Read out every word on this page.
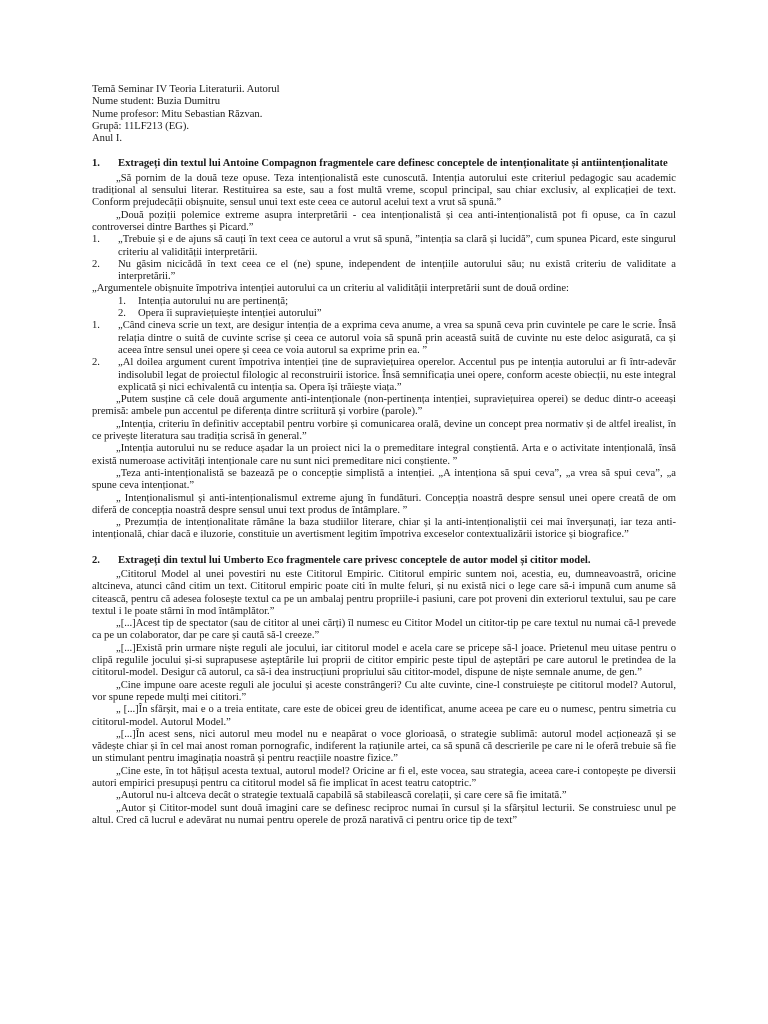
Temă Seminar IV Teoria Literaturii. Autorul
Nume student: Buzia Dumitru
Nume profesor: Mitu Sebastian Răzvan.
Grupă: 11LF213 (EG).
Anul I.
1.	Extrageți din textul lui Antoine Compagnon fragmentele care definesc conceptele de intenționalitate și antiintenționalitate

„Să pornim de la două teze opuse. Teza intenționalistă este cunoscută. Intenția autorului este criteriul pedagogic sau academic tradițional al sensului literar. Restituirea sa este, sau a fost multă vreme, scopul principal, sau chiar exclusiv, al explicației de text. Conform prejudecății obișnuite, sensul unui text este ceea ce autorul acelui text a vrut să spună.”

„Două poziții polemice extreme asupra interpretării - cea intenționalistă și cea anti-intenționalistă pot fi opuse, ca în cazul controversei dintre Barthes și Picard.”

1.	„Trebuie și e de ajuns să cauți în text ceea ce autorul a vrut să spună, ”intenția sa clară și lucidă”, cum spunea Picard, este singurul criteriu al validității interpretării.
2.	Nu găsim nicicădă în text ceea ce el (ne) spune, independent de intențiile autorului său; nu există criteriu de validitate a interpretării.”

„Argumentele obișnuite împotriva intenției autorului ca un criteriu al validității interpretării sunt de două ordine:

1.	Intenția autorului nu are pertinență;
2.	Opera îi supraviețuiește intenției autorului”
1.	„Când cineva scrie un text, are desigur intenția de a exprima ceva anume, a vrea sa spună ceva prin cuvintele pe care le scrie. Însă relația dintre o suită de cuvinte scrise și ceea ce autorul voia să spună prin această suită de cuvinte nu este deloc asigurată, ca și aceea între sensul unei opere și ceea ce voia autorul sa exprime prin ea. ”
2.	„Al doilea argument curent împotriva intenției ține de supraviețuirea operelor. Accentul pus pe intenția autorului ar fi într-adevăr indisolubil legat de proiectul filologic al reconstruirii istorice. Însă semnificația unei opere, conform aceste obiecții, nu este integral explicată și nici echivalentă cu intenția sa. Opera își trăiește viața.”

„Putem susține că cele două argumente anti-intenționale (non-pertinența intenției, supraviețuirea operei) se deduc dintr-o aceeași premisă: ambele pun accentul pe diferența dintre scriitură și vorbire (parole).”

„Intenția, criteriu în definitiv acceptabil pentru vorbire și comunicarea orală, devine un concept prea normativ și de altfel irealist, în ce privește literatura sau tradiția scrisă în general.”

„Intenția autorului nu se reduce așadar la un proiect nici la o premeditare integral conștientă. Arta e o activitate intențională, însă există numeroase activități intenționale care nu sunt nici premeditare nici conștiente. ”

„Teza anti-intenționalistă se bazează pe o concepție simplistă a intenției. „A intenționa să spui ceva”, „a vrea să spui ceva”, „a spune ceva intenționat.”

„ Intenționalismul și anti-intenționalismul extreme ajung în fundături. Concepția noastră despre sensul unei opere creată de om diferă de concepția noastră despre sensul unui text produs de întâmplare. ”

„ Prezumția de intenționalitate rămâne la baza studiilor literare, chiar și la anti-intenționaliștii cei mai înverșunați, iar teza anti-intențională, chiar dacă e iluzorie, constituie un avertisment legitim împotriva exceselor contextualizării istorice și biografice.”

2.	Extrageți din textul lui Umberto Eco fragmentele care privesc conceptele de autor model și cititor model.

„Cititorul Model al unei povestiri nu este Cititorul Empiric. Cititorul empiric suntem noi, acestia, eu, dumneavoastră, oricine altcineva, atunci când citim un text. Cititorul empiric poate citi în multe feluri, și nu există nici o lege care să-i impună cum anume să citească, pentru că adesea folosește textul ca pe un ambalaj pentru propriile-i pasiuni, care pot proveni din exteriorul textului, sau pe care textul i le poate stârni în mod întâmplător.”

„[...]Acest tip de spectator (sau de cititor al unei cărți) îl numesc eu Cititor Model un cititor-tip pe care textul nu numai că-l prevede ca pe un colaborator, dar pe care și caută să-l creeze.”

„[...]Există prin urmare niște reguli ale jocului, iar cititorul model e acela care se pricepe să-l joace. Prietenul meu uitase pentru o clipă regulile jocului și-si suprapusese așteptările lui proprii de cititor empiric peste tipul de așteptări pe care autorul le pretindea de la cititorul-model. Desigur că autorul, ca să-i dea instrucțiuni propriului său cititor-model, dispune de niște semnale anume, de gen.”

„Cine impune oare aceste reguli ale jocului și aceste constrângeri? Cu alte cuvinte, cine-l construiește pe cititorul model? Autorul, vor spune repede mulți mei cititori.”

„ [...]În sfârșit, mai e o a treia entitate, care este de obicei greu de identificat, anume aceea pe care eu o numesc, pentru simetria cu cititorul-model. Autorul Model.”

„[...]În acest sens, nici autorul meu model nu e neapărat o voce glorioasă, o strategie sublimă: autorul model acționează și se vădește chiar și în cel mai anost roman pornografic, indiferent la rațiunile artei, ca să spună că descrierile pe care ni le oferă trebuie să fie un stimulant pentru imaginația noastră și pentru reacțiile noastre fizice.”

„Cine este, în tot hățișul acesta textual, autorul model? Oricine ar fi el, este vocea, sau strategia, aceea care-i contopește pe diversii autori empirici presupuși pentru ca cititorul model să fie implicat în acest teatru catoptric.”

„Autorul nu-i altceva decât o strategie textuală capabilă să stabilească corelații, și care cere să fie imitată.”

„Autor și Cititor-model sunt două imagini care se definesc reciproc numai în cursul și la sfârșitul lecturii. Se construiesc unul pe altul. Cred că lucrul e adevărat nu numai pentru operele de proză narativă ci pentru orice tip de text”
